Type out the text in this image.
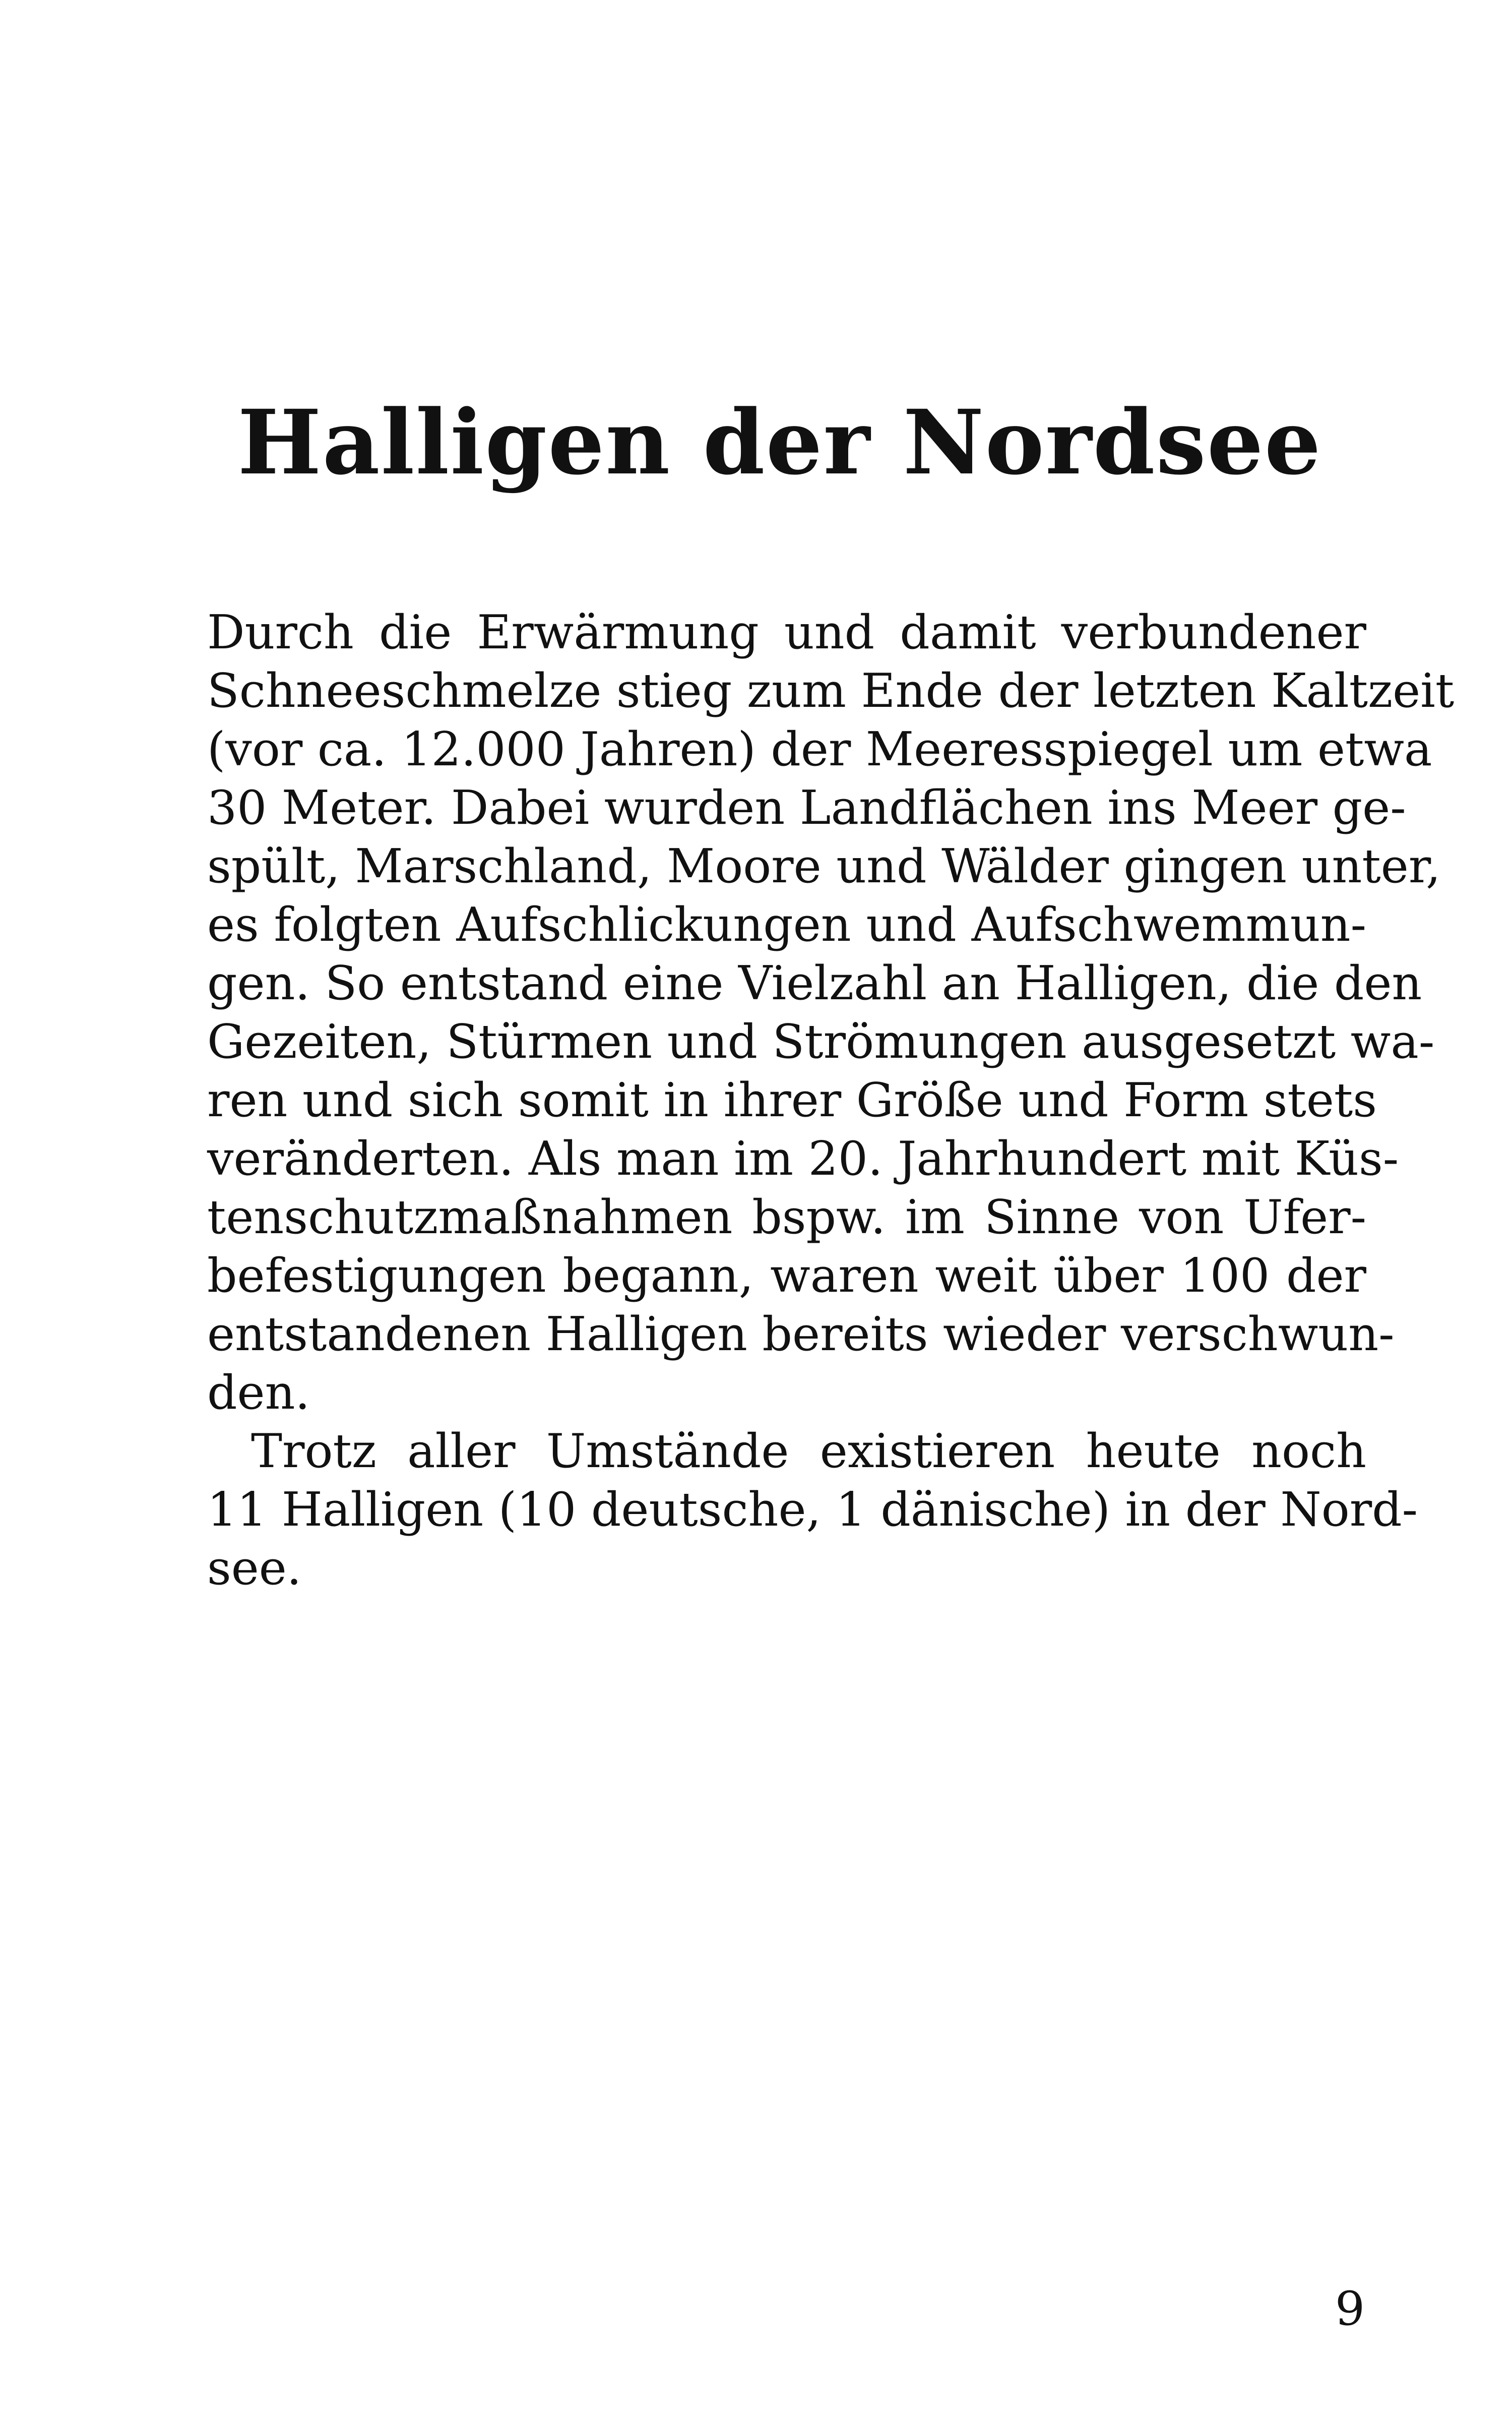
Halligen der Nordsee
Durch die Erwärmung und damit verbundener
Schneeschmelze stieg zum Ende der letzten Kaltzeit
(vor ca. 12.000 Jahren) der Meeresspiegel um etwa
30 Meter. Dabei wurden Landflächen ins Meer ge-
spült, Marschland, Moore und Wälder gingen unter,
es folgten Aufschlickungen und Aufschwemmun-
gen. So entstand eine Vielzahl an Halligen, die den
Gezeiten, Stürmen und Strömungen ausgesetzt wa-
ren und sich somit in ihrer Größe und Form stets
veränderten. Als man im 20. Jahrhundert mit Küs-
tenschutzmaßnahmen bspw. im Sinne von Ufer-
befestigungen begann, waren weit über 100 der
entstandenen Halligen bereits wieder verschwun-
den.
Trotz aller Umstände existieren heute noch
11 Halligen (10 deutsche, 1 dänische) in der Nord-
see.
9
